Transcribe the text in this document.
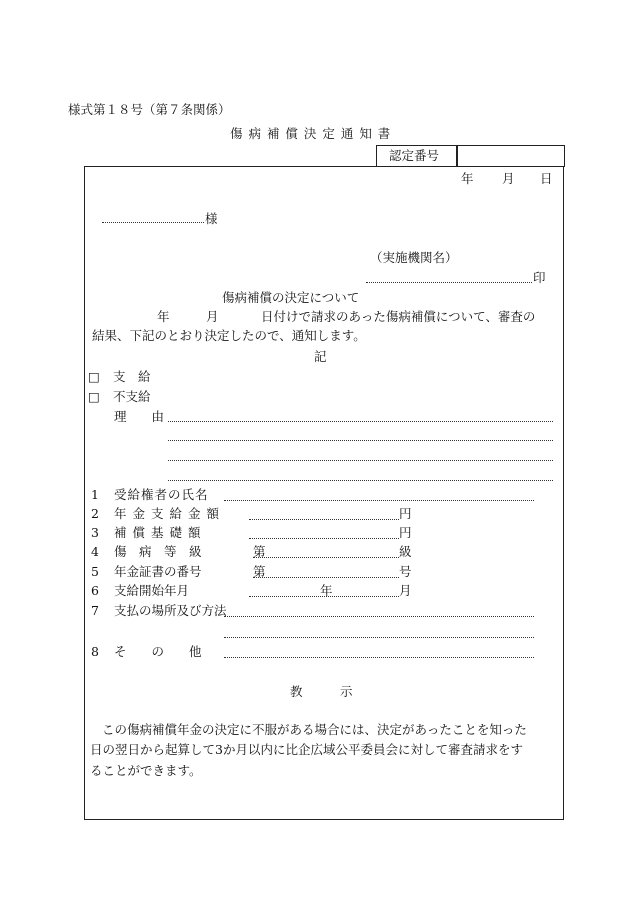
様式第１８号（第７条関係）
傷 病 補 償 決 定 通 知 書
認定番号
年 月 日
様
（実施機関名）
印
傷病補償の決定について
年	月	日付けで請求のあった傷病補償について、審査の
結果、下記のとおり決定したので、通知します。
記
□ 支　給
□ 不支給
理　　由
1 受給権者の氏名
2 年金支給金額	円
3 補償基礎額	円
4 傷　病　等　級	第	級
5 年金証書の番号	第	号
6 支給開始年月	年	月
7 支払の場所及び方法
8 そ　　の　　他
教　　　示
この傷病補償年金の決定に不服がある場合には、決定があったことを知った
日の翌日から起算して3か月以内に比企広域公平委員会に対して審査請求をす
ることができます。
